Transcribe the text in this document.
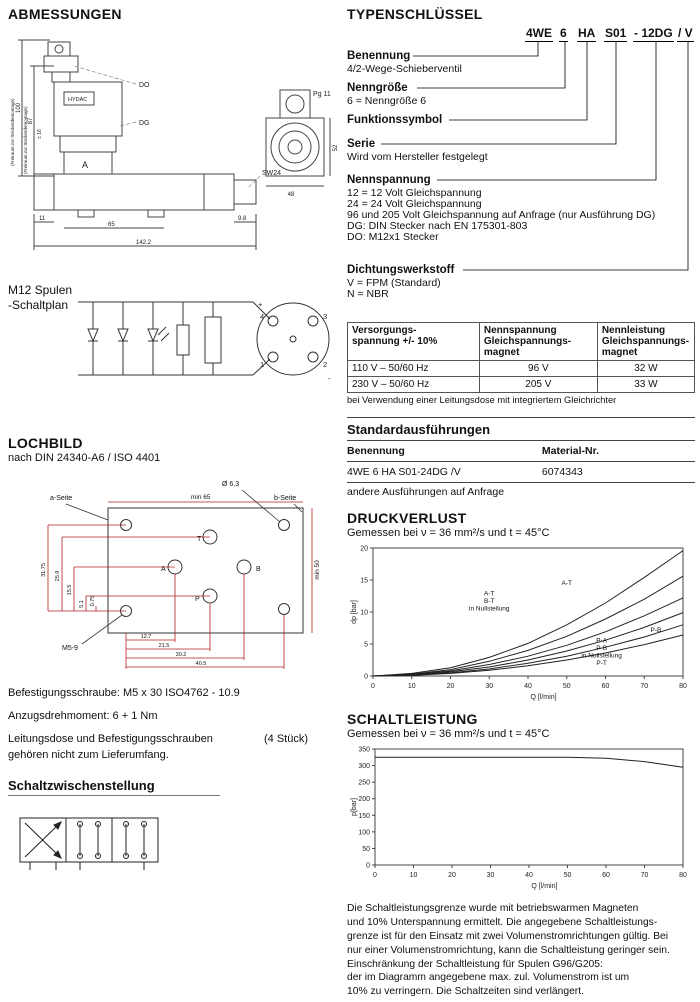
ABMESSUNGEN
DO
DG
A
HYDAC
SW24
Pg 11
11
65
9.8
142.2
48
52
100
87
± 16
(Freiraum zur Steckerdemontage) (Freiraum zur Steckerdemontage)
M12 Spulen
-Schaltplan	+
-
4	3
1	2
LOCHBILD
nach DIN 24340-A6 / ISO 4401
a-Seite	b-Seite
Ø 6,3
min 65
min 50
M5-9
T
A	B
P
31.75 25.9
15.5
5.1 0.75
12.7
21.5
30.2
40.5
Befestigungsschraube: M5 x 30 ISO4762 - 10.9
Anzugsdrehmoment: 6 + 1 Nm
Leitungsdose und Befestigungsschrauben	(4 Stück)
gehören nicht zum Lieferumfang.
Schaltzwischenstellung
TYPENSCHLÜSSEL
4WE 6 HA S01 - 12DG / V
Benennung
4/2-Wege-Schieberventil
Nenngröße
6 = Nenngröße 6
Funktionssymbol
Serie
Wird vom Hersteller festgelegt
Nennspannung
12 = 12 Volt Gleichspannung
24 = 24 Volt Gleichspannung
96 und 205 Volt Gleichspannung auf Anfrage (nur Ausführung DG)
DG: DIN Stecker nach EN 175301-803
DO: M12x1 Stecker
Dichtungswerkstoff
V = FPM (Standard)
N = NBR
Versorgungs-
spannung +/- 10%

Nennspannung
Gleichspannungs-
magnet

Nennleistung
Gleichspannungs-
magnet

110 V – 50/60 Hz	96 V	32 W
230 V – 50/60 Hz	205 V	33 W
bei Verwendung einer Leitungsdose mit integriertem Gleichrichter
Standardausführungen
Benennung	Material-Nr.
4WE 6 HA S01-24DG /V	6074343
andere Ausführungen auf Anfrage
DRUCKVERLUST
Gemessen bei ν = 36 mm²/s und t = 45°C
0	10	20	30	40	50	60	70	80
0
5
10
15
20
Q [l/min]
dp [bar]
A-T
A-T
B-T
in Nullstellung
P-B
P-A
P-B
in Nullstellung
P-T
SCHALTLEISTUNG
Gemessen bei ν = 36 mm²/s und t = 45°C
0	10	20	30	40	50	60	70	80
0
50
100
150
200
250
300
350
Q [l/min]
p[bar]
Die Schaltleistungsgrenze wurde mit betriebswarmen Magneten
und 10% Unterspannung ermittelt. Die angegebene Schaltleistungs-
grenze ist für den Einsatz mit zwei Volumenstromrichtungen gültig. Bei
nur einer Volumenstromrichtung, kann die Schaltleistung geringer sein.
Einschränkung der Schaltleistung für Spulen G96/G205:
der im Diagramm angegebene max. zul. Volumenstrom ist um
10% zu verringern. Die Schaltzeiten sind verlängert.
